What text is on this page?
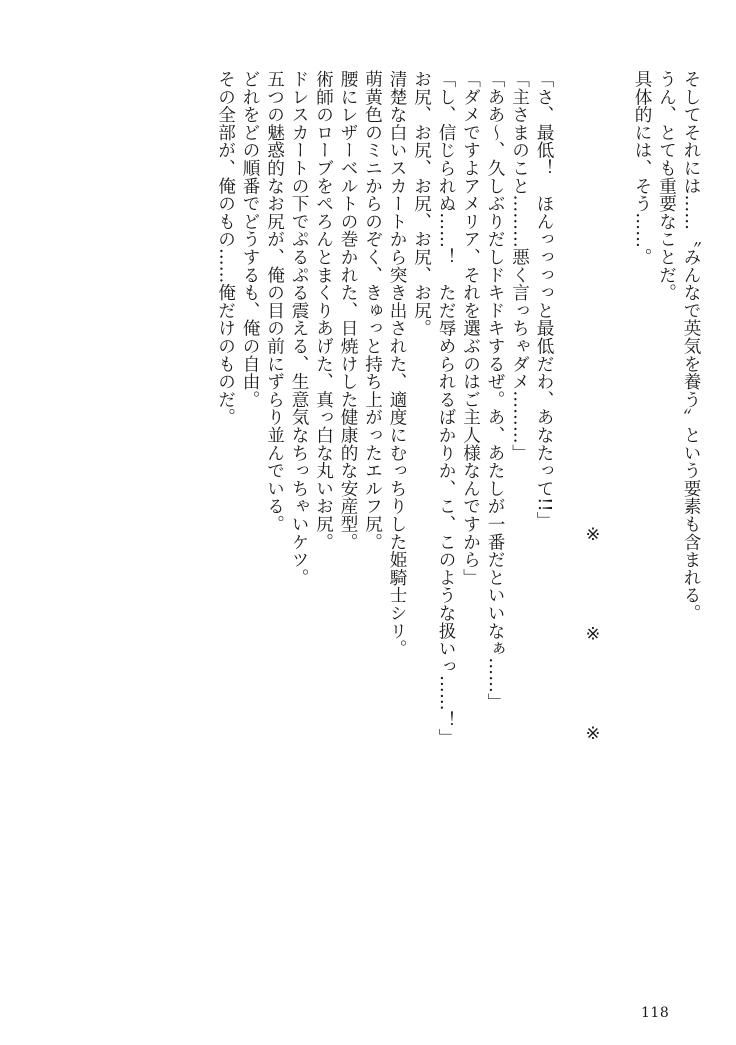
そしてそれには……〝みんなで英気を養う〟という要素も含まれる。

うん、とても重要なことだ。

具体的には、そう……。

※　※　※

「さ、最低！　ほんっっっっと最低だわ、あなたって!!」

「主さまのこと………悪く言っちゃダメ………」

「ああ～、久しぶりだしドキドキするぜ。あ、あたしが一番だといいなぁ……」

「ダメですよアメリア、それを選ぶのはご主人様なんですから」

「し、信じられぬ……！　ただ辱められるばかりか、こ、このような扱いっ……！」

お尻、お尻、お尻、お尻、お尻。

清楚な白いスカートから突き出された、適度にむっちりした姫騎士シリ。

萌黄色のミニからのぞく、きゅっと持ち上がったエルフ尻。

腰にレザーベルトの巻かれた、日焼けした健康的な安産型。

術師のローブをぺろんとまくりあげた、真っ白な丸いお尻。

ドレスカートの下でぷるぷる震える、生意気なちっちゃいケツ。

五つの魅惑的なお尻が、俺の目の前にずらり並んでいる。

どれをどの順番でどうするも、俺の自由。

その全部が、俺のもの……俺だけのものだ。

118
